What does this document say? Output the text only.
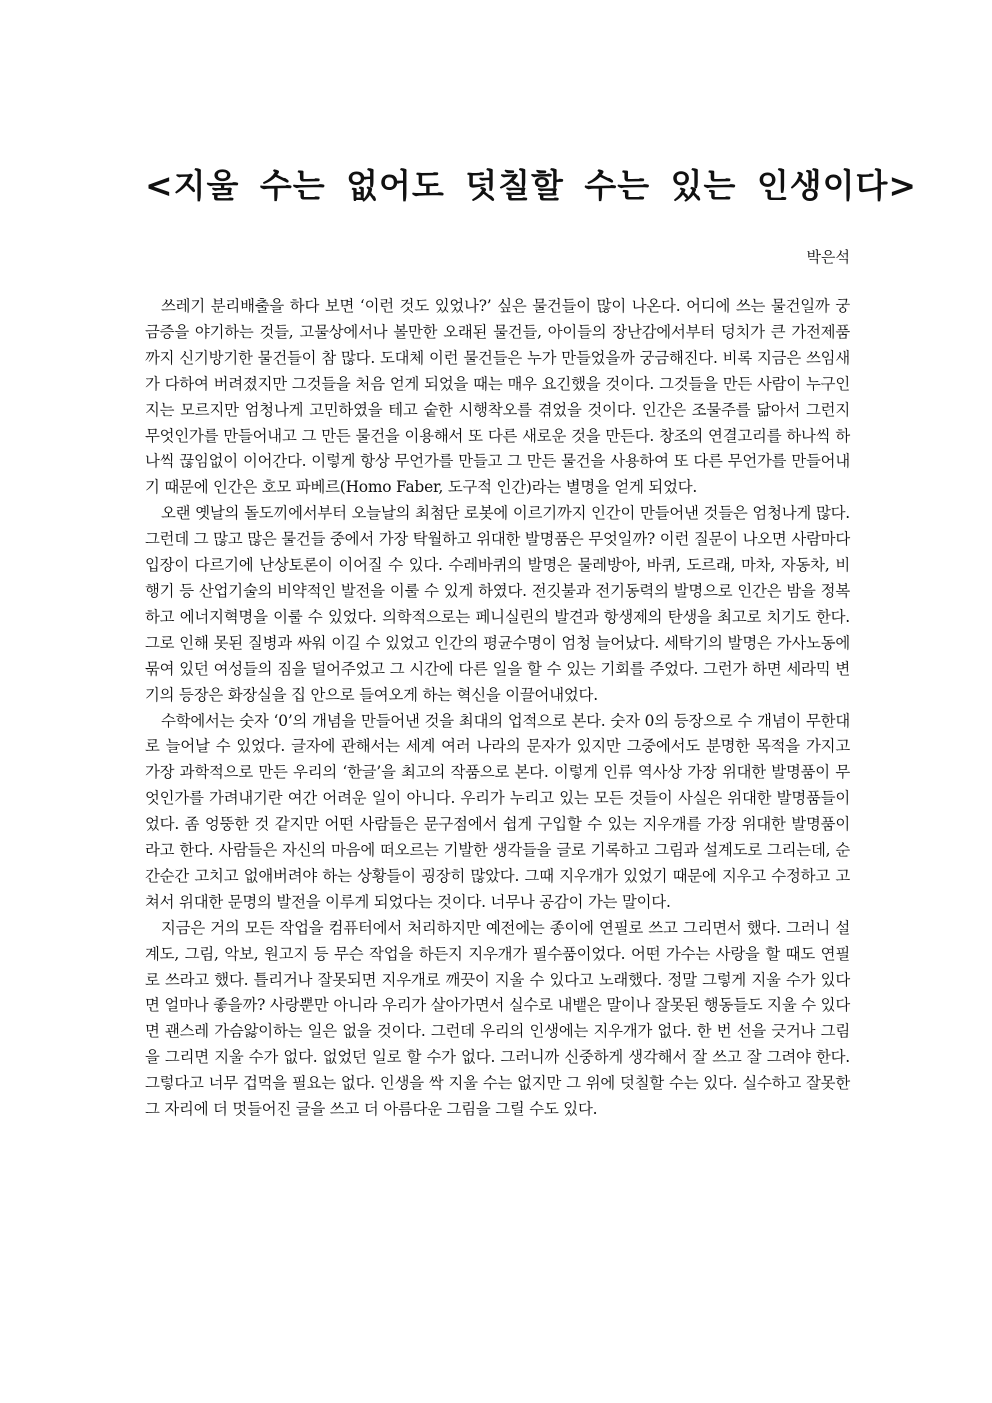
<지울 수는 없어도 덧칠할 수는 있는 인생이다>

박은석

쓰레기 분리배출을 하다 보면 ‘이런 것도 있었나?’ 싶은 물건들이 많이 나온다. 어디에 쓰는 물건일까 궁금증을 야기하는 것들, 고물상에서나 볼만한 오래된 물건들, 아이들의 장난감에서부터 덩치가 큰 가전제품까지 신기방기한 물건들이 참 많다. 도대체 이런 물건들은 누가 만들었을까 궁금해진다. 비록 지금은 쓰임새가 다하여 버려졌지만 그것들을 처음 얻게 되었을 때는 매우 요긴했을 것이다. 그것들을 만든 사람이 누구인지는 모르지만 엄청나게 고민하였을 테고 숱한 시행착오를 겪었을 것이다. 인간은 조물주를 닮아서 그런지 무엇인가를 만들어내고 그 만든 물건을 이용해서 또 다른 새로운 것을 만든다. 창조의 연결고리를 하나씩 하나씩 끊임없이 이어간다. 이렇게 항상 무언가를 만들고 그 만든 물건을 사용하여 또 다른 무언가를 만들어내기 때문에 인간은 호모 파베르(Homo Faber, 도구적 인간)라는 별명을 얻게 되었다.

오랜 옛날의 돌도끼에서부터 오늘날의 최첨단 로봇에 이르기까지 인간이 만들어낸 것들은 엄청나게 많다. 그런데 그 많고 많은 물건들 중에서 가장 탁월하고 위대한 발명품은 무엇일까? 이런 질문이 나오면 사람마다 입장이 다르기에 난상토론이 이어질 수 있다. 수레바퀴의 발명은 물레방아, 바퀴, 도르래, 마차, 자동차, 비행기 등 산업기술의 비약적인 발전을 이룰 수 있게 하였다. 전깃불과 전기동력의 발명으로 인간은 밤을 정복하고 에너지혁명을 이룰 수 있었다. 의학적으로는 페니실린의 발견과 항생제의 탄생을 최고로 치기도 한다. 그로 인해 못된 질병과 싸워 이길 수 있었고 인간의 평균수명이 엄청 늘어났다. 세탁기의 발명은 가사노동에 묶여 있던 여성들의 짐을 덜어주었고 그 시간에 다른 일을 할 수 있는 기회를 주었다. 그런가 하면 세라믹 변기의 등장은 화장실을 집 안으로 들여오게 하는 혁신을 이끌어내었다.

수학에서는 숫자 ‘0’의 개념을 만들어낸 것을 최대의 업적으로 본다. 숫자 0의 등장으로 수 개념이 무한대로 늘어날 수 있었다. 글자에 관해서는 세계 여러 나라의 문자가 있지만 그중에서도 분명한 목적을 가지고 가장 과학적으로 만든 우리의 ‘한글’을 최고의 작품으로 본다. 이렇게 인류 역사상 가장 위대한 발명품이 무엇인가를 가려내기란 여간 어려운 일이 아니다. 우리가 누리고 있는 모든 것들이 사실은 위대한 발명품들이었다. 좀 엉뚱한 것 같지만 어떤 사람들은 문구점에서 쉽게 구입할 수 있는 지우개를 가장 위대한 발명품이라고 한다. 사람들은 자신의 마음에 떠오르는 기발한 생각들을 글로 기록하고 그림과 설계도로 그리는데, 순간순간 고치고 없애버려야 하는 상황들이 굉장히 많았다. 그때 지우개가 있었기 때문에 지우고 수정하고 고쳐서 위대한 문명의 발전을 이루게 되었다는 것이다. 너무나 공감이 가는 말이다.

지금은 거의 모든 작업을 컴퓨터에서 처리하지만 예전에는 종이에 연필로 쓰고 그리면서 했다. 그러니 설계도, 그림, 악보, 원고지 등 무슨 작업을 하든지 지우개가 필수품이었다. 어떤 가수는 사랑을 할 때도 연필로 쓰라고 했다. 틀리거나 잘못되면 지우개로 깨끗이 지울 수 있다고 노래했다. 정말 그렇게 지울 수가 있다면 얼마나 좋을까? 사랑뿐만 아니라 우리가 살아가면서 실수로 내뱉은 말이나 잘못된 행동들도 지울 수 있다면 괜스레 가슴앓이하는 일은 없을 것이다. 그런데 우리의 인생에는 지우개가 없다. 한 번 선을 긋거나 그림을 그리면 지울 수가 없다. 없었던 일로 할 수가 없다. 그러니까 신중하게 생각해서 잘 쓰고 잘 그려야 한다. 그렇다고 너무 겁먹을 필요는 없다. 인생을 싹 지울 수는 없지만 그 위에 덧칠할 수는 있다. 실수하고 잘못한 그 자리에 더 멋들어진 글을 쓰고 더 아름다운 그림을 그릴 수도 있다.
